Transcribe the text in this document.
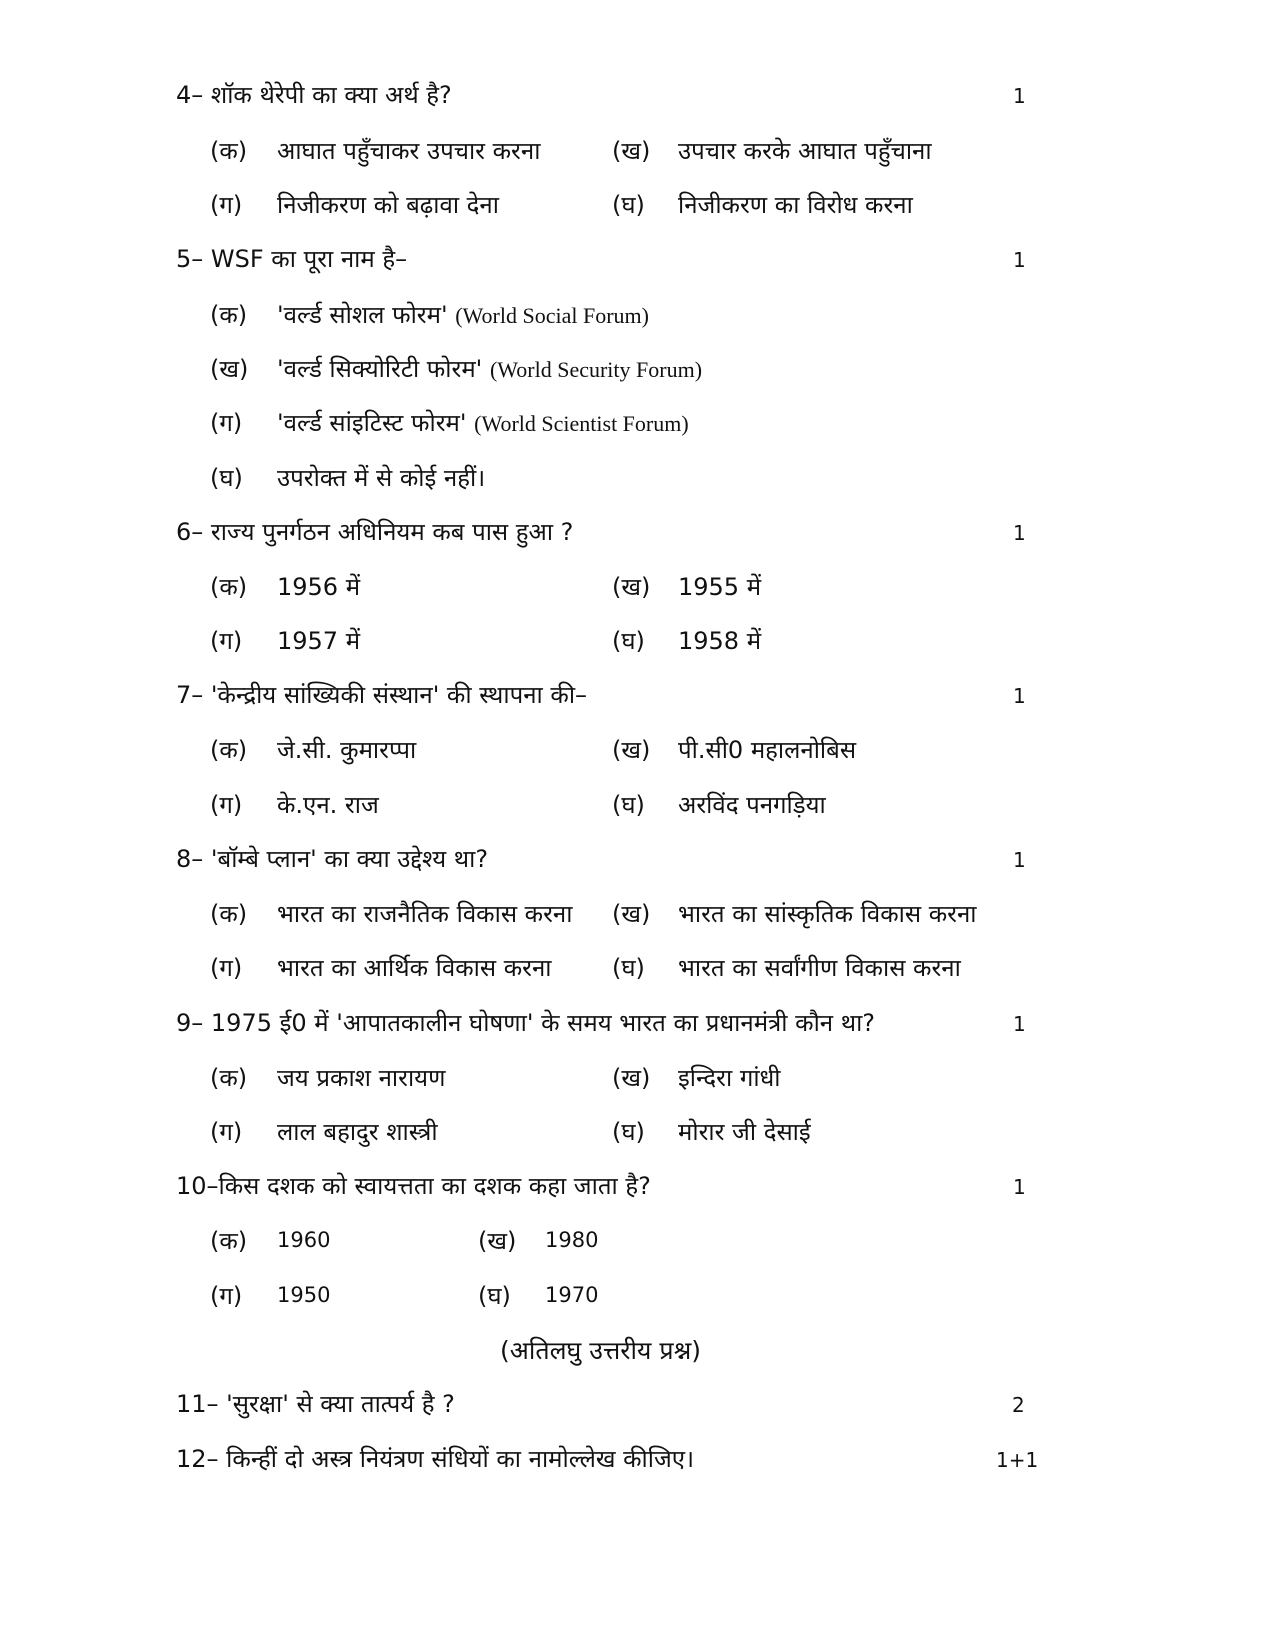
4– शॉक थेरेपी का क्या अर्थ है?	1
(क) आघात पहुँचाकर उपचार करना	(ख) उपचार करके आघात पहुँचाना
(ग) निजीकरण को बढ़ावा देना	(घ) निजीकरण का विरोध करना
5– WSF का पूरा नाम है–	1
(क) 'वर्ल्ड सोशल फोरम' (World Social Forum)
(ख) 'वर्ल्ड सिक्योरिटी फोरम' (World Security Forum)
(ग) 'वर्ल्ड सांइटिस्ट फोरम' (World Scientist Forum)
(घ) उपरोक्त में से कोई नहीं।
6– राज्य पुनर्गठन अधिनियम कब पास हुआ ?	1
(क) 1956 में	(ख) 1955 में
(ग) 1957 में	(घ) 1958 में
7– 'केन्द्रीय सांख्यिकी संस्थान' की स्थापना की–	1
(क) जे.सी. कुमारप्पा	(ख) पी.सी0 महालनोबिस
(ग) के.एन. राज	(घ) अरविंद पनगड़िया
8– 'बॉम्बे प्लान' का क्या उद्देश्य था?	1
(क) भारत का राजनैतिक विकास करना (ख) भारत का सांस्कृतिक विकास करना
(ग) भारत का आर्थिक विकास करना	(घ) भारत का सर्वांगीण विकास करना
9– 1975 ई0 में 'आपातकालीन घोषणा' के समय भारत का प्रधानमंत्री कौन था?	1
(क) जय प्रकाश नारायण	(ख) इन्दिरा गांधी
(ग) लाल बहादुर शास्त्री	(घ) मोरार जी देसाई
10–किस दशक को स्वायत्तता का दशक कहा जाता है?	1
(क) 1960	(ख) 1980
(ग) 1950	(घ) 1970
(अतिलघु उत्तरीय प्रश्न)
11– 'सुरक्षा' से क्या तात्पर्य है ?	2
12– किन्हीं दो अस्त्र नियंत्रण संधियों का नामोल्लेख कीजिए।	1+1
